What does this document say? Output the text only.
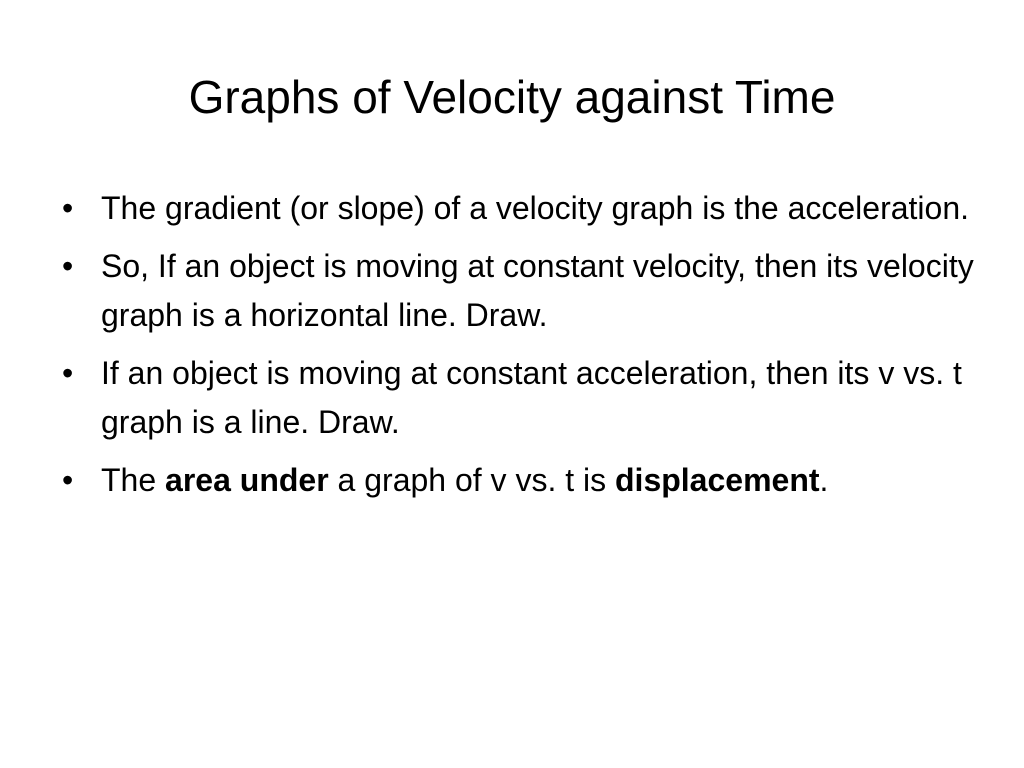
Graphs of Velocity against Time
• The gradient (or slope) of a velocity graph is the acceleration.
• So, If an object is moving at constant velocity, then its velocity graph is a horizontal line. Draw.
• If an object is moving at constant acceleration, then its v vs. t graph is a line. Draw.
• The area under a graph of v vs. t is displacement.
